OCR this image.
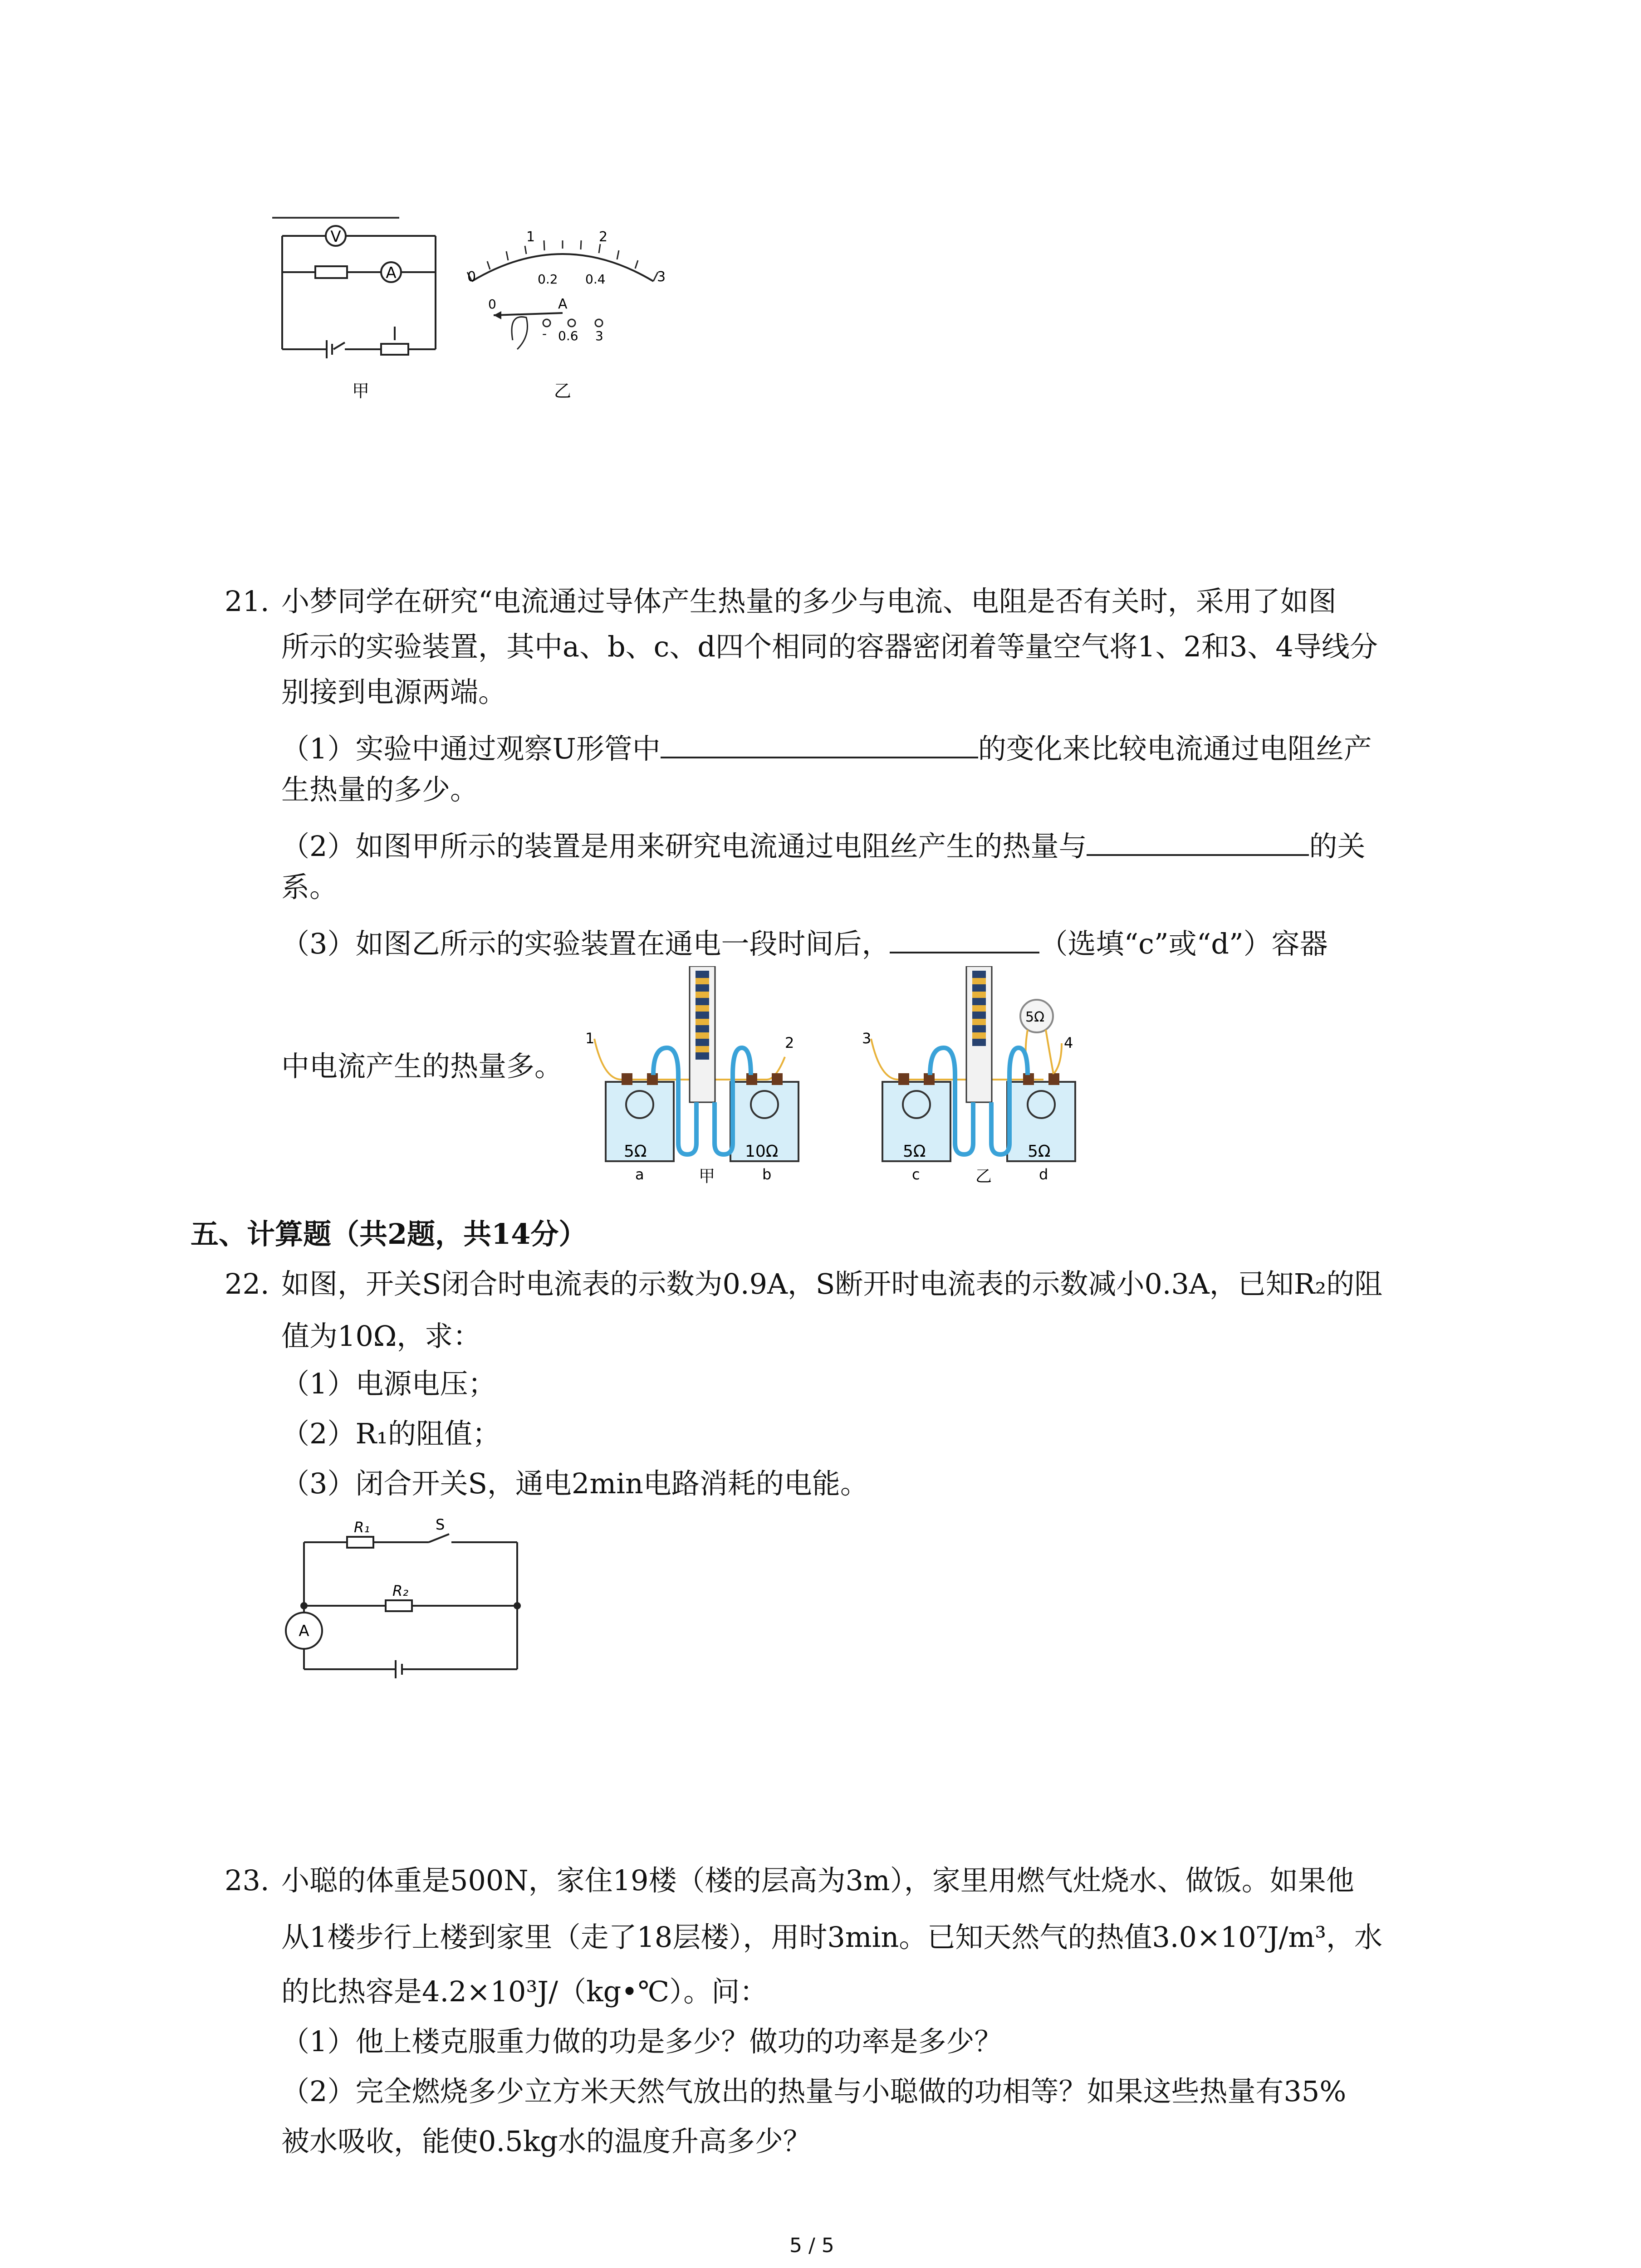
V
A
甲
0
1	2
3
0.2 0.4
0	A
- 0.6 3
乙
21. 小梦同学在研究“电流通过导体产生热量的多少与电流、电阻是否有关时，采用了如图
所示的实验装置，其中a、b、c、d四个相同的容器密闭着等量空气将1、2和3、4导线分
别接到电源两端。
（1）实验中通过观察U形管中	的变化来比较电流通过电阻丝产
生热量的多少。
（2）如图甲所示的装置是用来研究电流通过电阻丝产生的热量与	的关
系。
（3）如图乙所示的实验装置在通电一段时间后，	（选填“c”或“d”）容器
中电流产生的热量多。
5Ω	10Ω
1	2
a	甲	b
5Ω
5Ω	5Ω
3	4
c	乙	d
五、计算题（共2题，共14分）
22. 如图，开关S闭合时电流表的示数为0.9A，S断开时电流表的示数减小0.3A，已知R₂的阻
值为10Ω，求：
（1）电源电压；
（2）R₁的阻值；
（3）闭合开关S，通电2min电路消耗的电能。
R₁	S
R₂
A
23. 小聪的体重是500N，家住19楼（楼的层高为3m），家里用燃气灶烧水、做饭。如果他
从1楼步行上楼到家里（走了18层楼），用时3min。已知天然气的热值3.0×10⁷J/m³，水
的比热容是4.2×10³J/（kg•℃）。问：
（1）他上楼克服重力做的功是多少？做功的功率是多少？
（2）完全燃烧多少立方米天然气放出的热量与小聪做的功相等？如果这些热量有35%
被水吸收，能使0.5kg水的温度升高多少？
5 / 5
